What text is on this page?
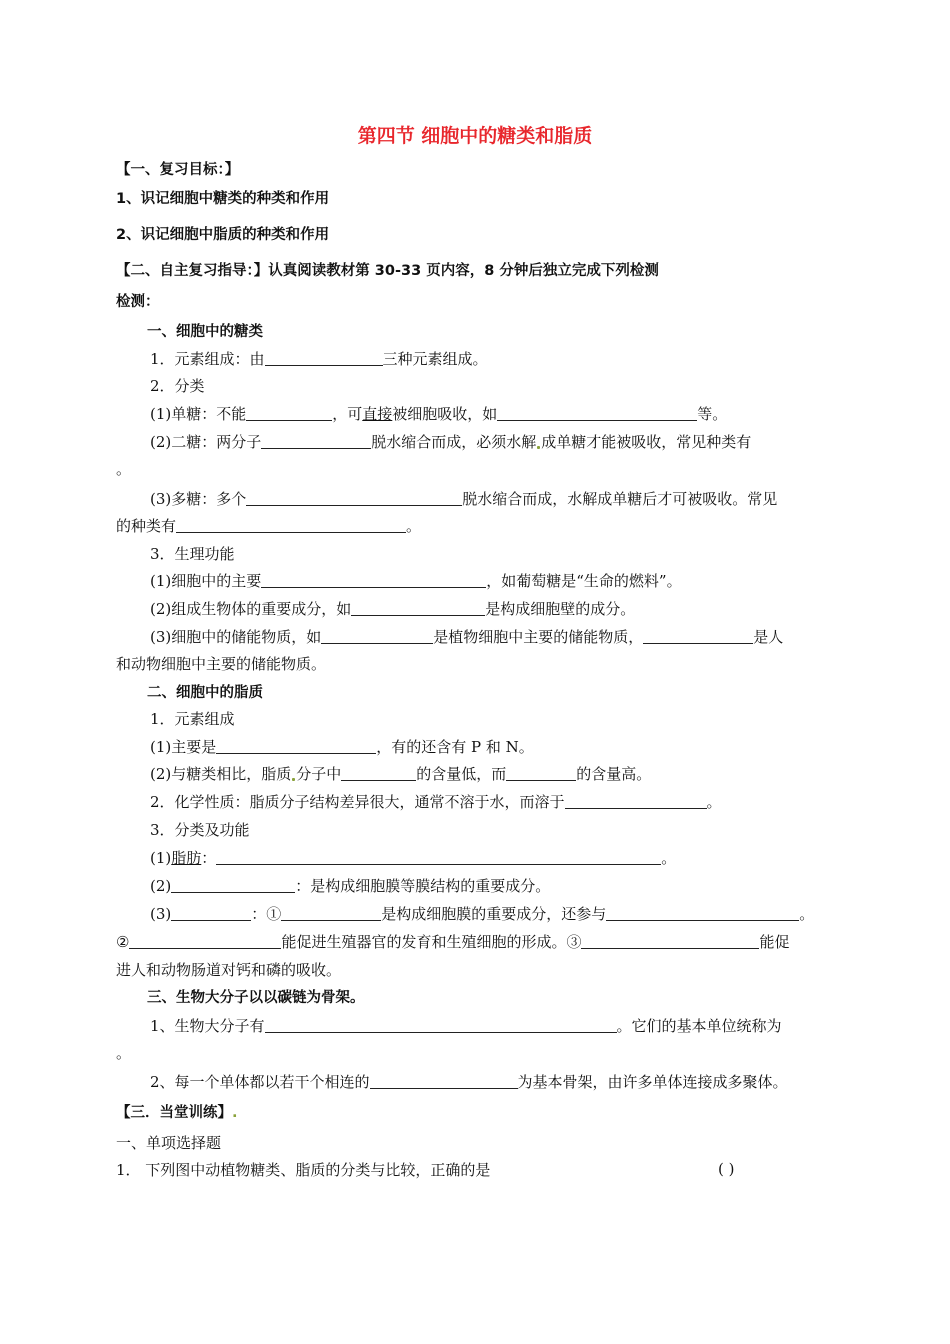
第四节 细胞中的糖类和脂质
【一、复习目标：】
1、识记细胞中糖类的种类和作用
2、识记细胞中脂质的种类和作用
【二、自主复习指导：】认真阅读教材第 30-33 页内容，8 分钟后独立完成下列检测
检测：
一、细胞中的糖类
1．元素组成：由	三种元素组成。
2．分类
(1)单糖：不能	，可直接被细胞吸收，如	等。
(2)二糖：两分子	脱水缩合而成，必须水解 成单糖才能被吸收，常见种类有
。
(3)多糖：多个	脱水缩合而成，水解成单糖后才可被吸收。常见
的种类有	。
3．生理功能
(1)细胞中的主要	，如葡萄糖是“生命的燃料”。
(2)组成生物体的重要成分，如	是构成细胞壁的成分。
(3)细胞中的储能物质，如	是植物细胞中主要的储能物质，	是人
和动物细胞中主要的储能物质。
二、细胞中的脂质
1．元素组成
(1)主要是	，有的还含有 P 和 N。
(2)与糖类相比，脂质 分子中	的含量低，而	的含量高。
2．化学性质：脂质分子结构差异很大，通常不溶于水，而溶于	。
3．分类及功能
(1)脂肪：	。
(2)	：是构成细胞膜等膜结构的重要成分。
(3)	：①	是构成细胞膜的重要成分，还参与	。
②	能促进生殖器官的发育和生殖细胞的形成。③	能促
进人和动物肠道对钙和磷的吸收。
三、生物大分子以以碳链为骨架。
1、生物大分子有	。它们的基本单位统称为
。
2、每一个单体都以若干个相连的	为基本骨架，由许多单体连接成多聚体。
【三．当堂训练】.
一、单项选择题
1． 下列图中动植物糖类、脂质的分类与比较，正确的是	( )
